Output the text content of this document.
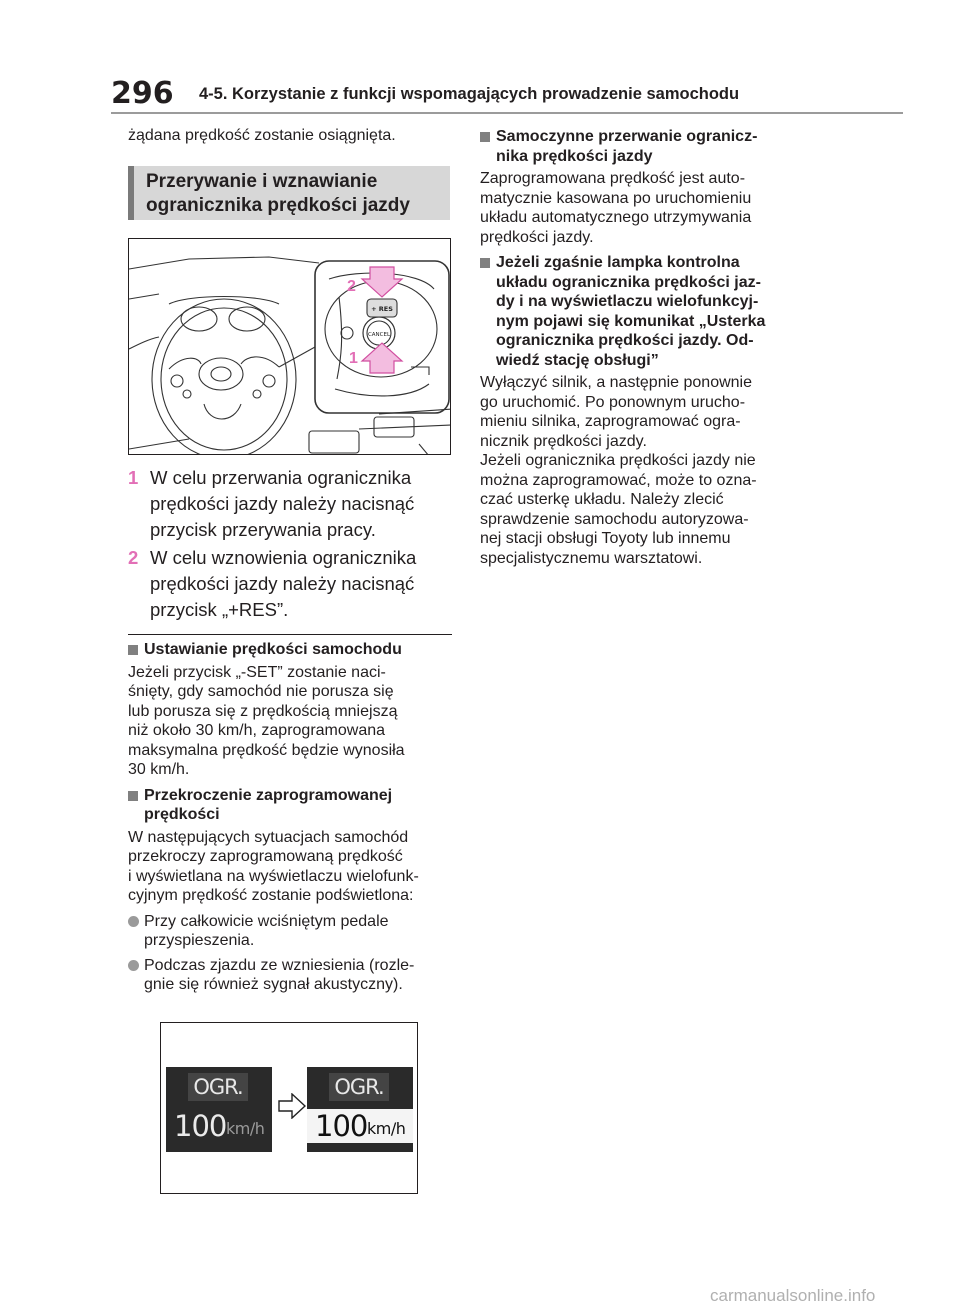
296 4-5. Korzystanie z funkcji wspomagających prowadzenie samochodu

żądana prędkość zostanie osiągnięta.

Przerywanie i wznawianie
ogranicznika prędkości jazdy
CANCEL
+ RES
2
1
1 W celu przerwania ogranicznika
prędkości jazdy należy nacisnąć
przycisk przerywania pracy.
2 W celu wznowienia ogranicznika
prędkości jazdy należy nacisnąć
przycisk „+RES”.
Ustawianie prędkości samochodu

Jeżeli przycisk „-SET” zostanie naci-
śnięty, gdy samochód nie porusza się
lub porusza się z prędkością mniejszą
niż około 30 km/h, zaprogramowana
maksymalna prędkość będzie wynosiła
30 km/h.

Przekroczenie zaprogramowanej
prędkości

W następujących sytuacjach samochód
przekroczy zaprogramowaną prędkość
i wyświetlana na wyświetlaczu wielofunk-
cyjnym prędkość zostanie podświetlona:

Przy całkowicie wciśniętym pedale
przyspieszenia.
Podczas zjazdu ze wzniesienia (rozle-
gnie się również sygnał akustyczny).
OGR.
100 km/h
OGR.
100 km/h
Samoczynne przerwanie ogranicz-
nika prędkości jazdy

Zaprogramowana prędkość jest auto-
matycznie kasowana po uruchomieniu
układu automatycznego utrzymywania
prędkości jazdy.

Jeżeli zgaśnie lampka kontrolna
układu ogranicznika prędkości jaz-
dy i na wyświetlaczu wielofunkcyj-
nym pojawi się komunikat „Usterka
ogranicznika prędkości jazdy. Od-
wiedź stację obsługi”

Wyłączyć silnik, a następnie ponownie
go uruchomić. Po ponownym urucho-
mieniu silnika, zaprogramować ogra-
nicznik prędkości jazdy.
Jeżeli ogranicznika prędkości jazdy nie
można zaprogramować, może to ozna-
czać usterkę układu. Należy zlecić
sprawdzenie samochodu autoryzowa-
nej stacji obsługi Toyoty lub innemu
specjalistycznemu warsztatowi.

carmanualsonline.info
